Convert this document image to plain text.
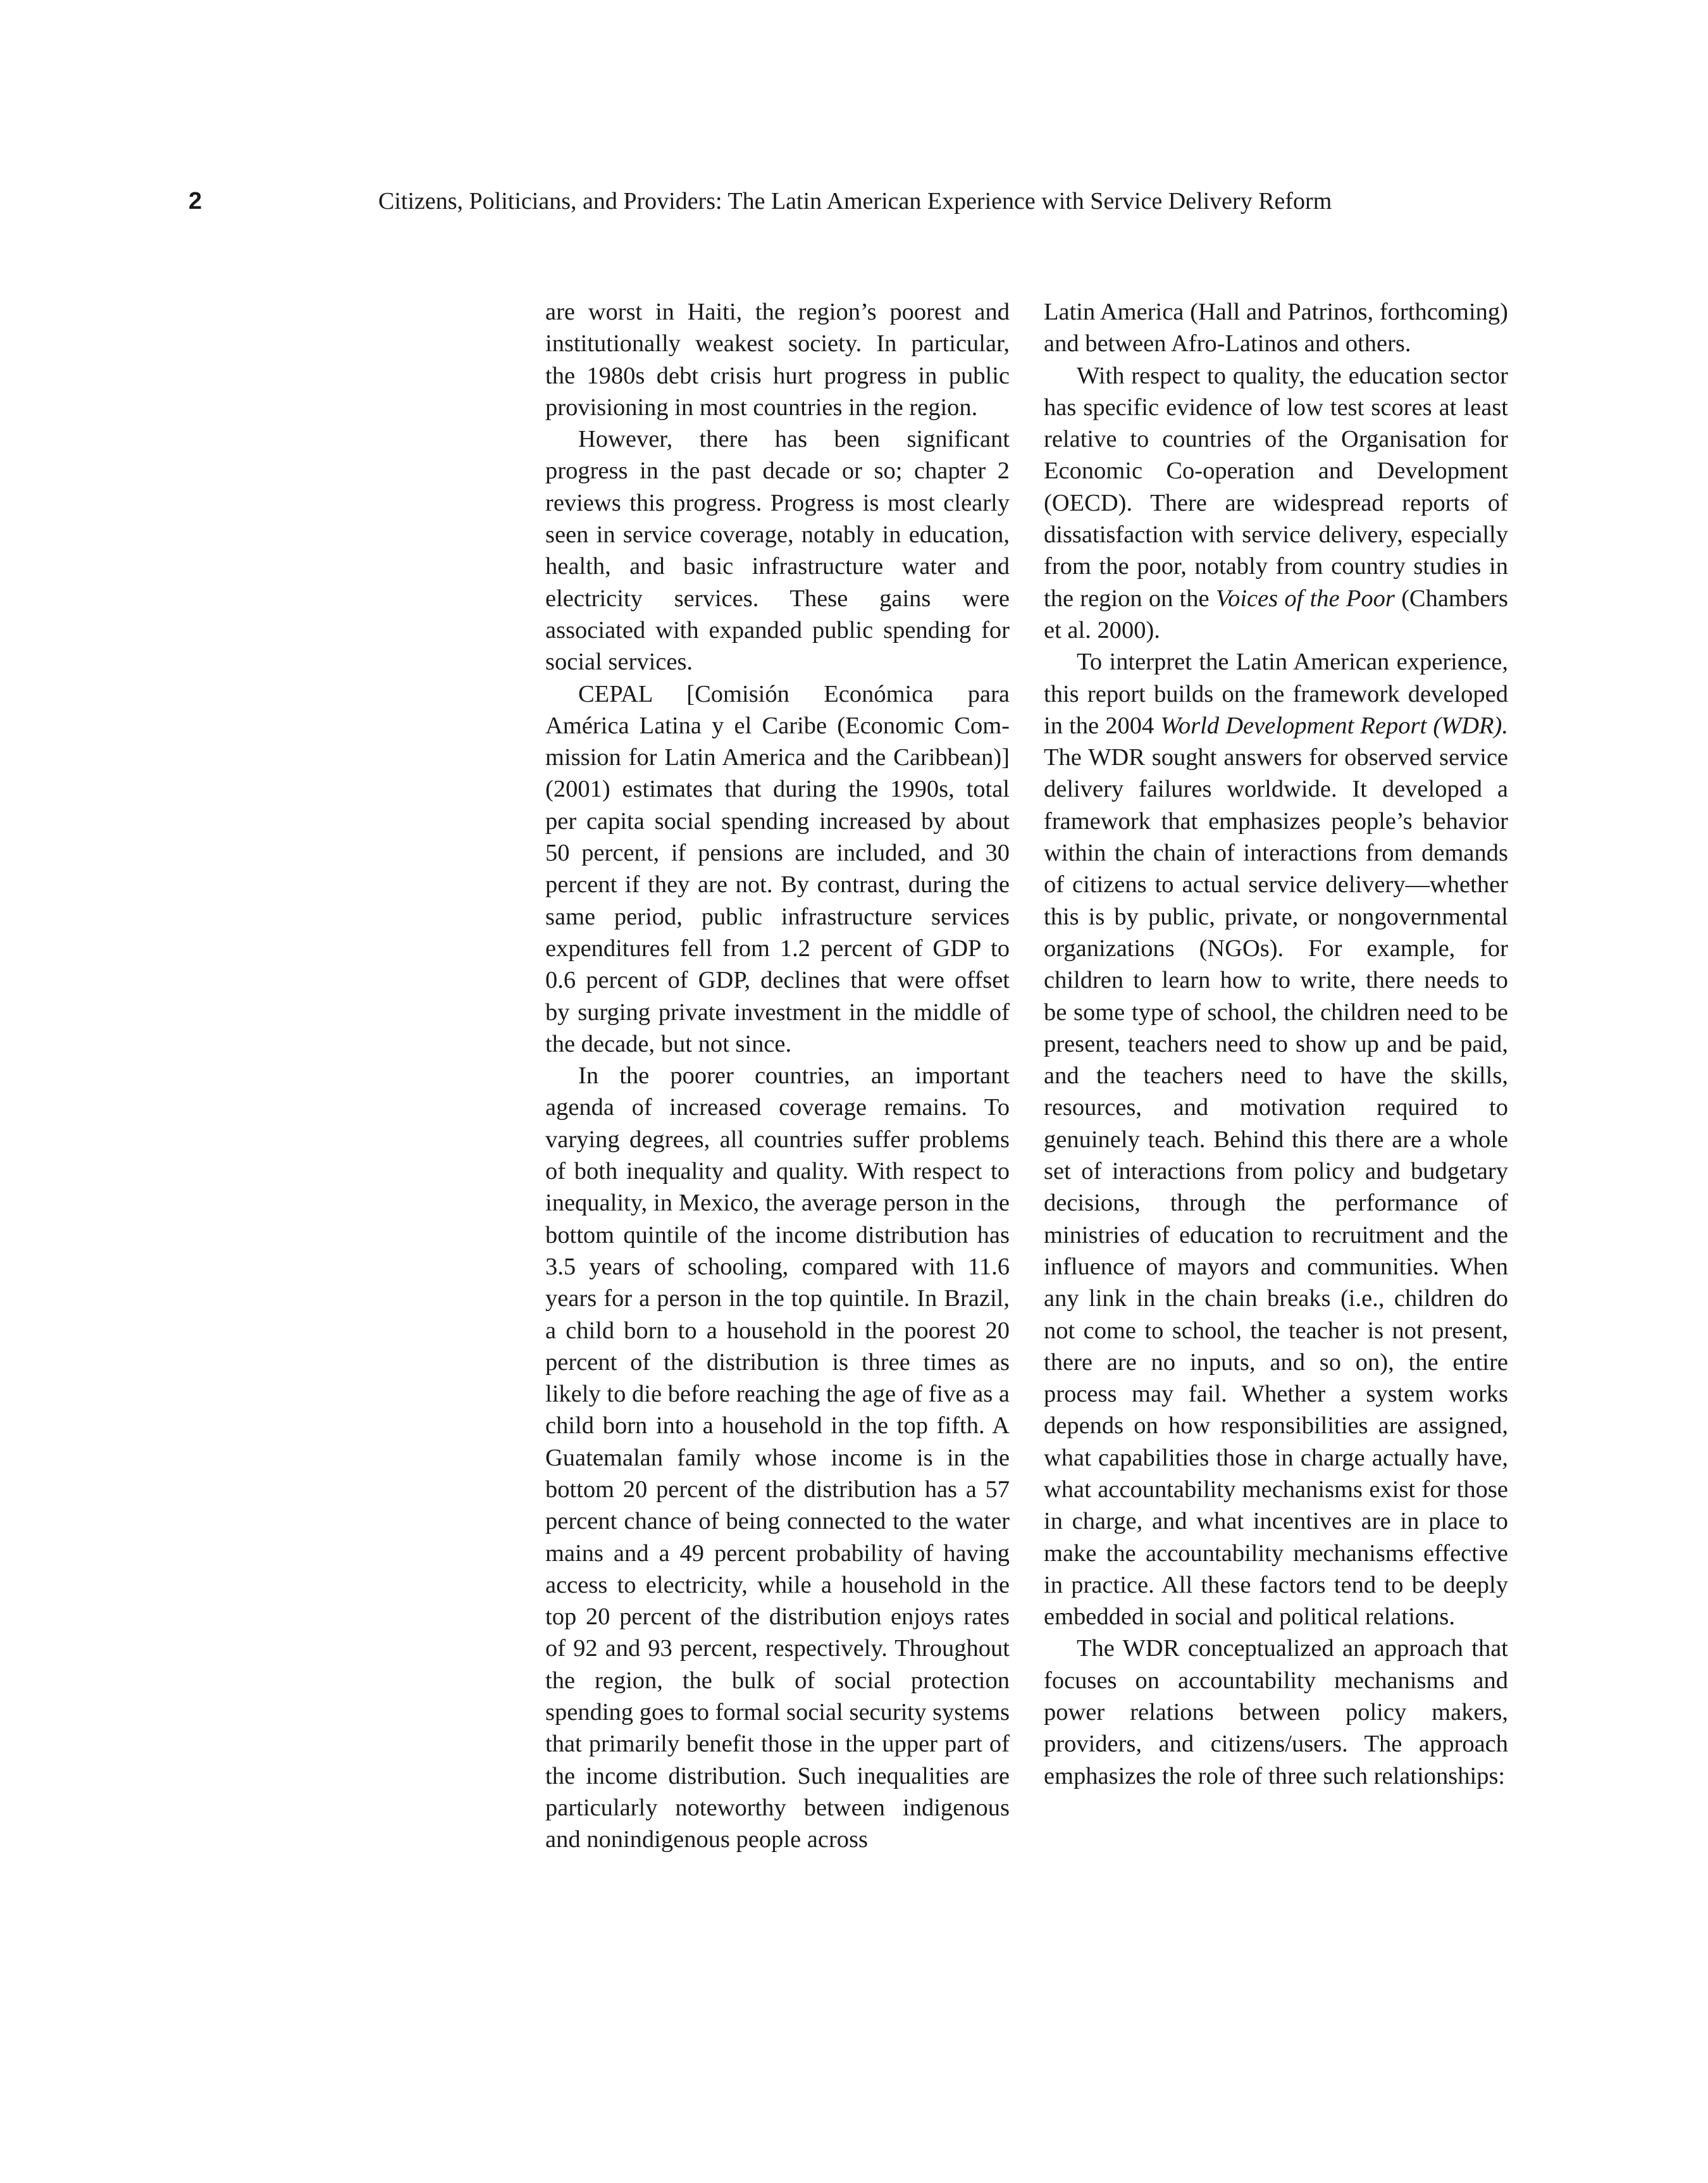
2	Citizens, Politicians, and Providers: The Latin American Experience with Service Delivery Reform

are worst in Haiti, the region’s poorest and institutionally weakest society. In particular, the 1980s debt crisis hurt progress in public provisioning in most countries in the region.

However, there has been significant progress in the past decade or so; chapter 2 reviews this progress. Progress is most clearly seen in service coverage, notably in education, health, and basic infrastructure water and electricity services. These gains were associated with expanded public spending for social services.

CEPAL [Comisión Económica para América Latina y el Caribe (Economic Commission for Latin America and the Caribbean)] (2001) estimates that during the 1990s, total per capita social spending increased by about 50 percent, if pensions are included, and 30 percent if they are not. By contrast, during the same period, public infrastructure services expenditures fell from 1.2 percent of GDP to 0.6 percent of GDP, declines that were offset by surging private investment in the middle of the decade, but not since.

In the poorer countries, an important agenda of increased coverage remains. To varying degrees, all countries suffer problems of both inequality and quality. With respect to inequality, in Mexico, the average person in the bottom quintile of the income distribution has 3.5 years of schooling, compared with 11.6 years for a person in the top quintile. In Brazil, a child born to a household in the poorest 20 percent of the distribution is three times as likely to die before reaching the age of five as a child born into a household in the top fifth. A Guatemalan family whose income is in the bottom 20 percent of the distribution has a 57 percent chance of being connected to the water mains and a 49 percent probability of having access to electricity, while a household in the top 20 percent of the distribution enjoys rates of 92 and 93 percent, respectively. Throughout the region, the bulk of social protection spending goes to formal social security systems that primarily benefit those in the upper part of the income distribution. Such inequalities are particularly noteworthy between indigenous and nonindigenous people across

Latin America (Hall and Patrinos, forthcoming) and between Afro-Latinos and others.

With respect to quality, the education sector has specific evidence of low test scores at least relative to countries of the Organisation for Economic Co-operation and Development (OECD). There are widespread reports of dissatisfaction with service delivery, especially from the poor, notably from country studies in the region on the Voices of the Poor (Chambers et al. 2000).

To interpret the Latin American experience, this report builds on the framework developed in the 2004 World Development Report (WDR). The WDR sought answers for observed service delivery failures worldwide. It developed a framework that emphasizes people’s behavior within the chain of interactions from demands of citizens to actual service delivery—whether this is by public, private, or nongovernmental organizations (NGOs). For example, for children to learn how to write, there needs to be some type of school, the children need to be present, teachers need to show up and be paid, and the teachers need to have the skills, resources, and motivation required to genuinely teach. Behind this there are a whole set of interactions from policy and budgetary decisions, through the performance of ministries of education to recruitment and the influence of mayors and communities. When any link in the chain breaks (i.e., children do not come to school, the teacher is not present, there are no inputs, and so on), the entire process may fail. Whether a system works depends on how responsibilities are assigned, what capabilities those in charge actually have, what accountability mechanisms exist for those in charge, and what incentives are in place to make the accountability mechanisms effective in practice. All these factors tend to be deeply embedded in social and political relations.

The WDR conceptualized an approach that focuses on accountability mechanisms and power relations between policy makers, providers, and citizens/users. The approach emphasizes the role of three such relationships:
